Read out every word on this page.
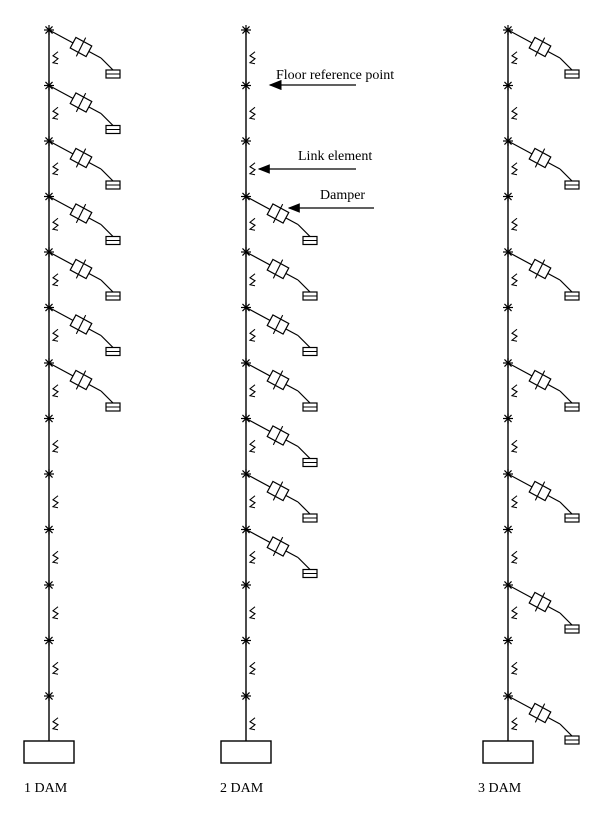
Floor reference point
Link element
Damper
1 DAM	2 DAM	3 DAM
